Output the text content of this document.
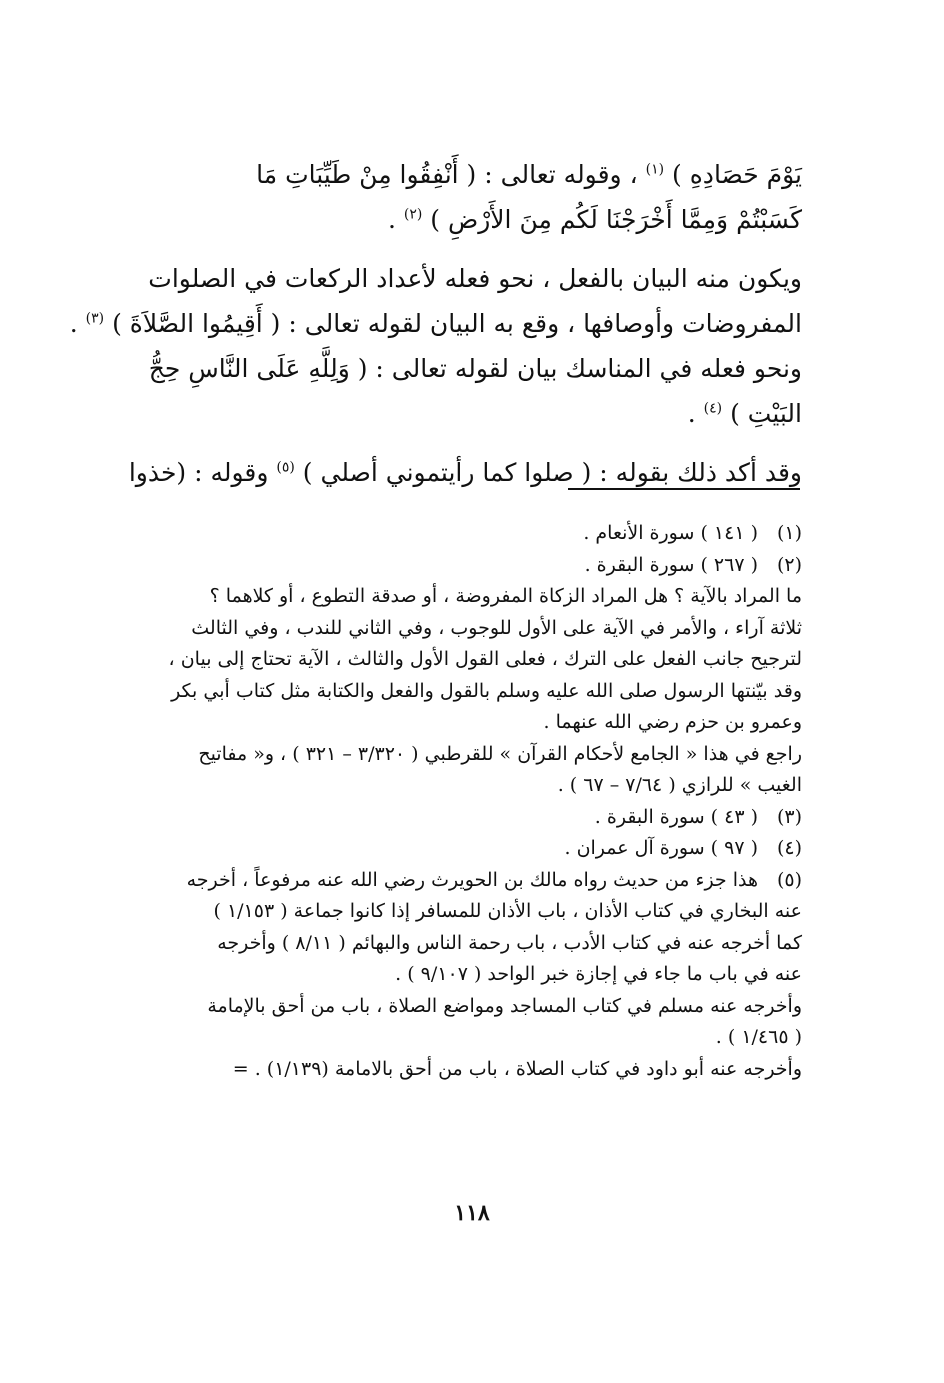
يَوْمَ حَصَادِهِ ) $^{(١)}$ ، وقوله تعالى : ( أَنْفِقُوا مِنْ طَيِّبَاتِ مَا
كَسَبْتُمْ وَمِمَّا أَخْرَجْنَا لَكُم مِنَ الأَرْضِ ) $^{(٢)}$ .
ويكون منه البيان بالفعل ، نحو فعله لأعداد الركعات في الصلوات
المفروضات وأوصافها ، وقع به البيان لقوله تعالى : ( أَقِيمُوا الصَّلاَةَ ) $^{(٣)}$ .
ونحو فعله في المناسك بيان لقوله تعالى : ( وَلِلَّهِ عَلَى النَّاسِ حِجُّ
البَيْتِ ) $^{(٤)}$ .
وقد أكد ذلك بقوله : ( صلوا كما رأيتموني أصلي ) $^{(٥)}$ وقوله : (خذوا
(١)( ١٤١ ) سورة الأنعام .
(٢)( ٢٦٧ ) سورة البقرة .
ما المراد بالآية ؟ هل المراد الزكاة المفروضة ، أو صدقة التطوع ، أو كلاهما ؟
ثلاثة آراء ، والأمر في الآية على الأول للوجوب ، وفي الثاني للندب ، وفي الثالث
لترجيح جانب الفعل على الترك ، فعلى القول الأول والثالث ، الآية تحتاج إلى بيان ،
وقد بيّنتها الرسول صلى الله عليه وسلم بالقول والفعل والكتابة مثل كتاب أبي بكر
وعمرو بن حزم رضي الله عنهما .
راجع في هذا « الجامع لأحكام القرآن » للقرطبي ( ٣/٣٢٠ – ٣٢١ ) ، و« مفاتيح
الغيب » للرازي ( ٧/٦٤ – ٦٧ ) .
(٣)( ٤٣ ) سورة البقرة .
(٤)( ٩٧ ) سورة آل عمران .
(٥)هذا جزء من حديث رواه مالك بن الحويرث رضي الله عنه مرفوعاً ، أخرجه
عنه البخاري في كتاب الأذان ، باب الأذان للمسافر إذا كانوا جماعة ( ١/١٥٣ )
كما أخرجه عنه في كتاب الأدب ، باب رحمة الناس والبهائم ( ٨/١١ ) وأخرجه
عنه في باب ما جاء في إجازة خبر الواحد ( ٩/١٠٧ ) .
وأخرجه عنه مسلم في كتاب المساجد ومواضع الصلاة ، باب من أحق بالإمامة
( ١/٤٦٥ ) .
وأخرجه عنه أبو داود في كتاب الصلاة ، باب من أحق بالامامة (١/١٣٩) . =
١١٨
